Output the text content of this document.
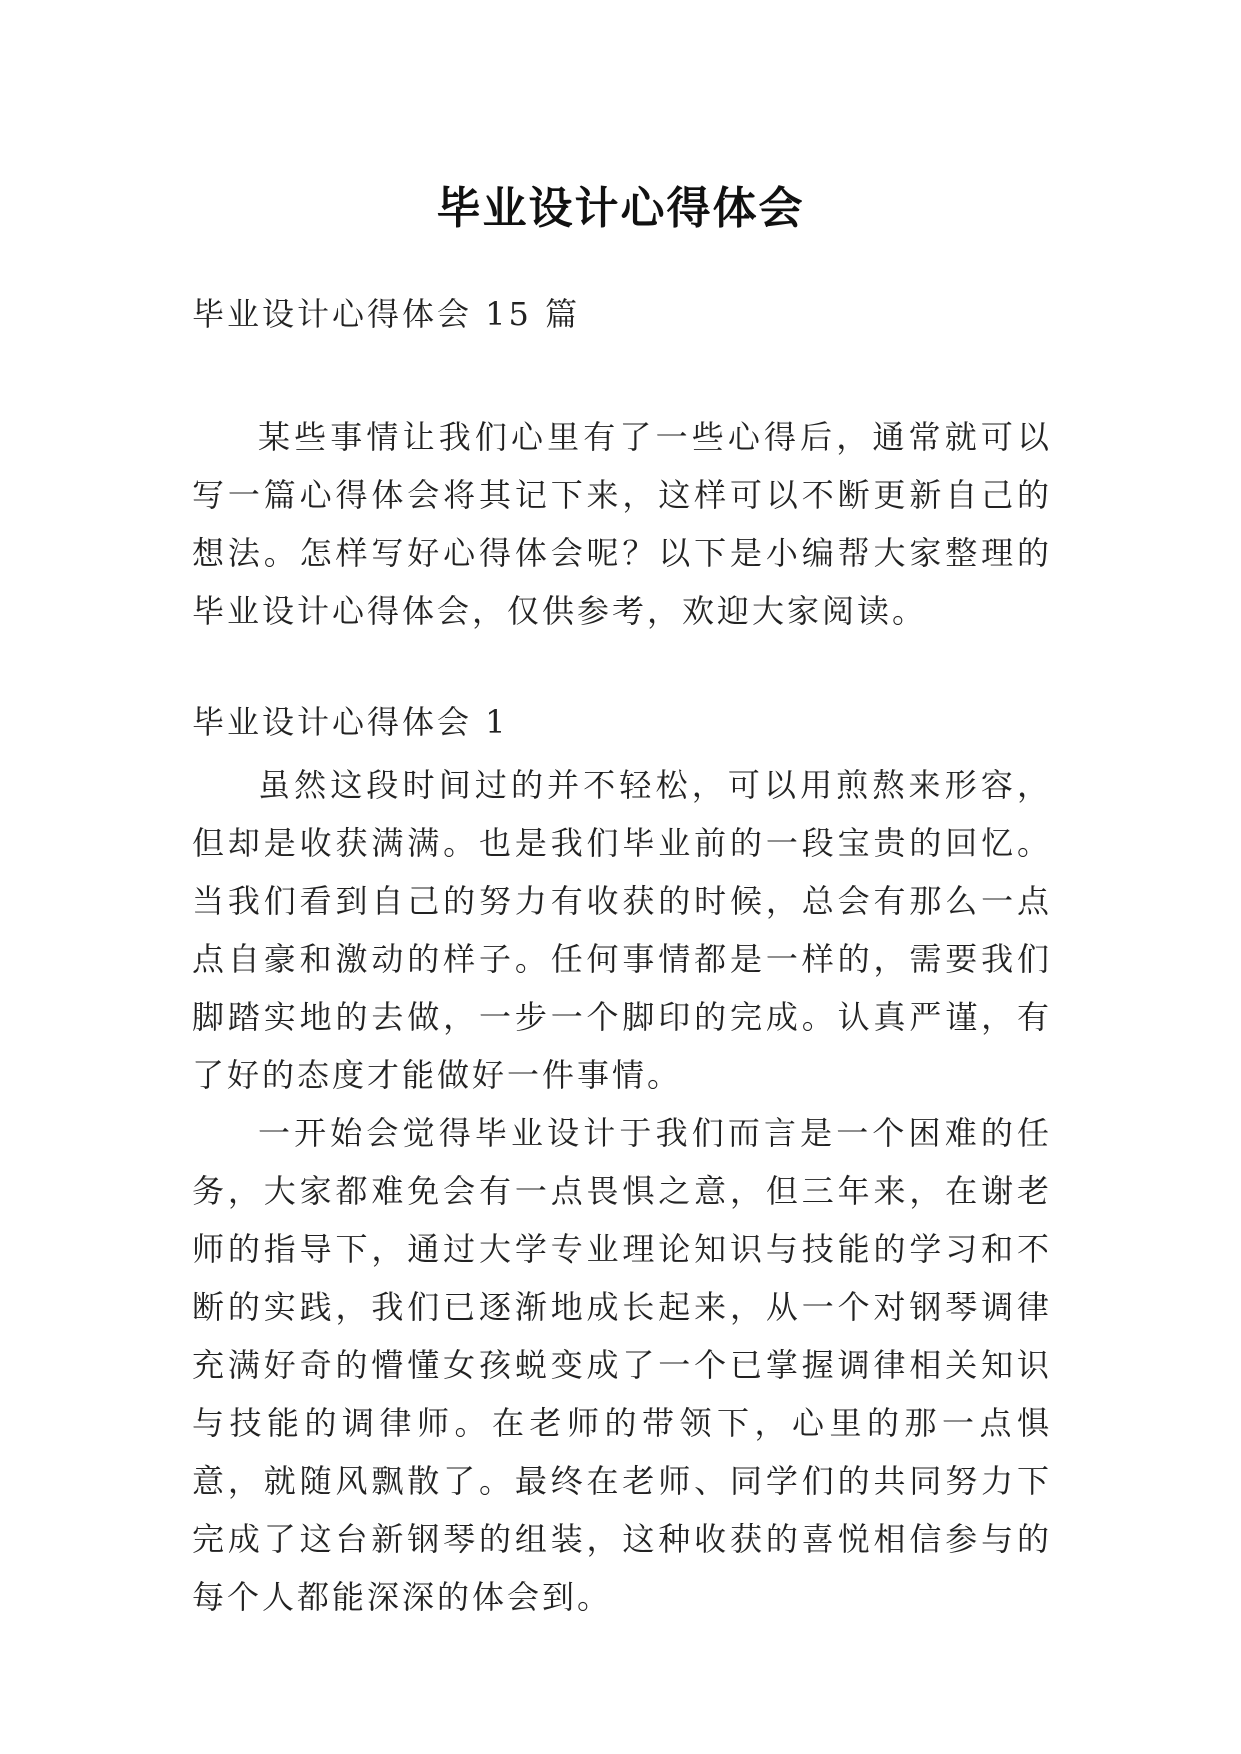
毕业设计心得体会

毕业设计心得体会 15 篇

某些事情让我们心里有了一些心得后，通常就可以写一篇心得体会将其记下来，这样可以不断更新自己的想法。怎样写好心得体会呢？以下是小编帮大家整理的毕业设计心得体会，仅供参考，欢迎大家阅读。

毕业设计心得体会 1

虽然这段时间过的并不轻松，可以用煎熬来形容，但却是收获满满。也是我们毕业前的一段宝贵的回忆。当我们看到自己的努力有收获的时候，总会有那么一点点自豪和激动的样子。任何事情都是一样的，需要我们脚踏实地的去做，一步一个脚印的完成。认真严谨，有了好的态度才能做好一件事情。

一开始会觉得毕业设计于我们而言是一个困难的任务，大家都难免会有一点畏惧之意，但三年来，在谢老师的指导下，通过大学专业理论知识与技能的学习和不断的实践，我们已逐渐地成长起来，从一个对钢琴调律充满好奇的懵懂女孩蜕变成了一个已掌握调律相关知识与技能的调律师。在老师的带领下，心里的那一点惧意，就随风飘散了。最终在老师、同学们的共同努力下完成了这台新钢琴的组装，这种收获的喜悦相信参与的每个人都能深深的体会到。
